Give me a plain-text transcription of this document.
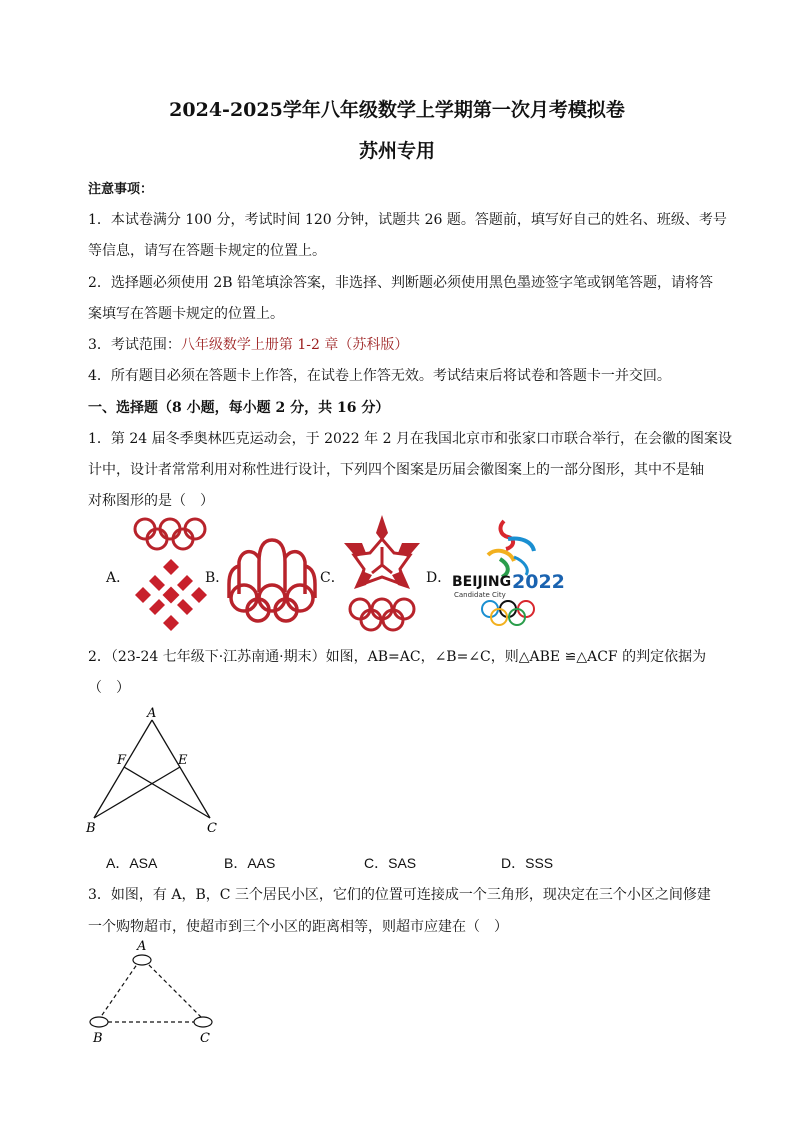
2024-2025学年八年级数学上学期第一次月考模拟卷
苏州专用
注意事项：
1．本试卷满分 100 分，考试时间 120 分钟，试题共 26 题。答题前，填写好自己的姓名、班级、考号
等信息，请写在答题卡规定的位置上。
2．选择题必须使用 2B 铅笔填涂答案，非选择、判断题必须使用黑色墨迹签字笔或钢笔答题，请将答
案填写在答题卡规定的位置上。
3．考试范围：八年级数学上册第 1-2 章（苏科版）
4．所有题目必须在答题卡上作答，在试卷上作答无效。考试结束后将试卷和答题卡一并交回。
一、选择题（8 小题，每小题 2 分，共 16 分）
1．第 24 届冬季奥林匹克运动会，于 2022 年 2 月在我国北京市和张家口市联合举行，在会徽的图案设
计中，设计者常常利用对称性进行设计，下列四个图案是历届会徽图案上的一部分图形，其中不是轴
对称图形的是（　）
A．	B．	C．	D． BEIJING 2022
Candidate City
2．（23-24 七年级下·江苏南通·期末）如图，AB=AC，∠B=∠C，则△ABE ≌△ACF 的判定依据为
（　）
A
F	E
B	C
A．ASA	B．AAS	C．SAS	D．SSS
3．如图，有 A，B，C 三个居民小区，它们的位置可连接成一个三角形，现决定在三个小区之间修建
一个购物超市，使超市到三个小区的距离相等，则超市应建在（　）
A
B	C
